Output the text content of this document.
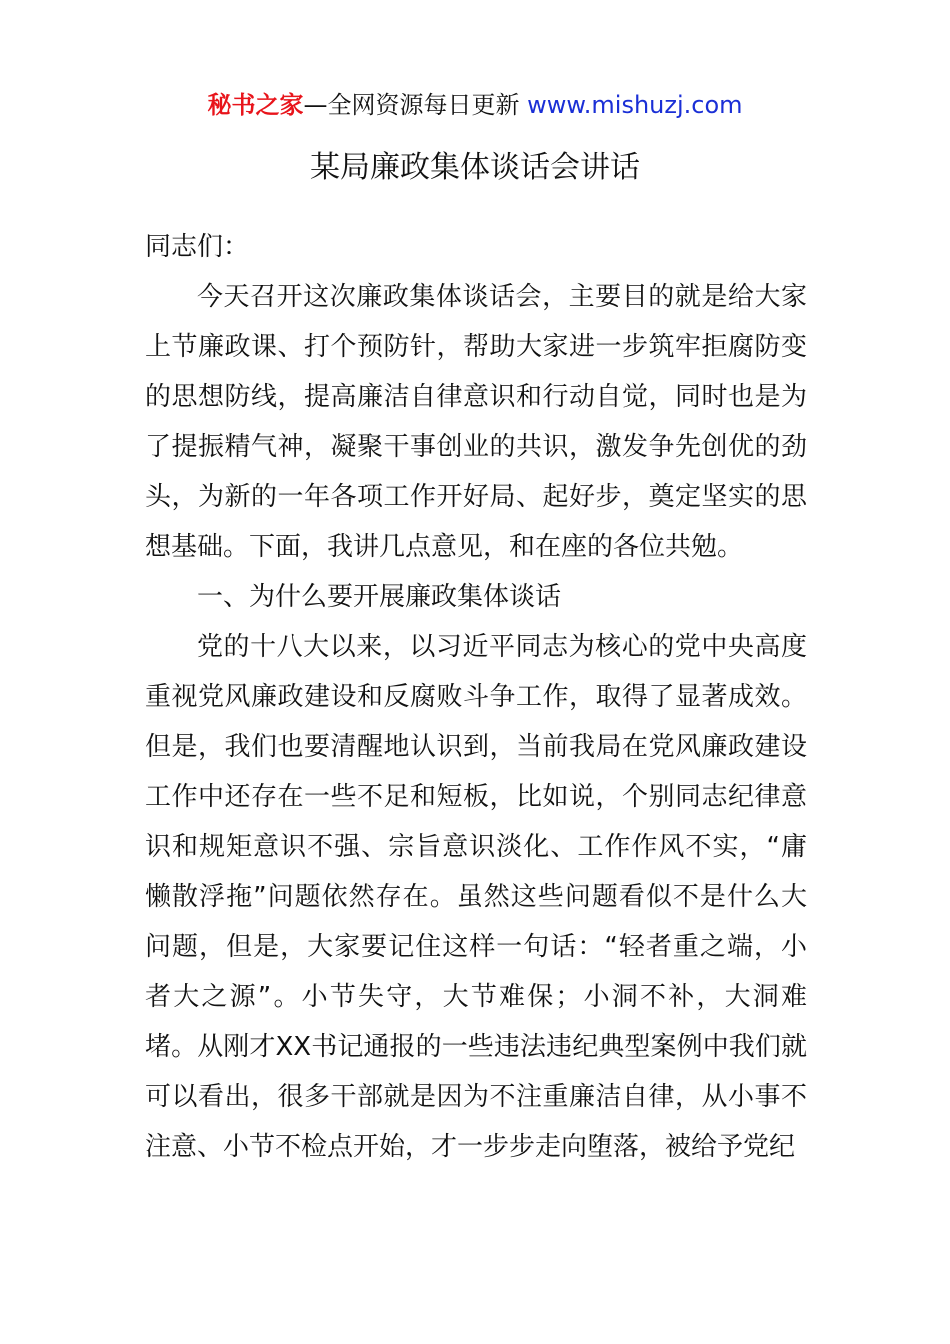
秘书之家—全网资源每日更新 www.mishuzj.com
某局廉政集体谈话会讲话

同志们：

今天召开这次廉政集体谈话会，主要目的就是给大家上节廉政课、打个预防针，帮助大家进一步筑牢拒腐防变的思想防线，提高廉洁自律意识和行动自觉，同时也是为了提振精气神，凝聚干事创业的共识，激发争先创优的劲头，为新的一年各项工作开好局、起好步，奠定坚实的思想基础。下面，我讲几点意见，和在座的各位共勉。

一、为什么要开展廉政集体谈话

党的十八大以来，以习近平同志为核心的党中央高度重视党风廉政建设和反腐败斗争工作，取得了显著成效。但是，我们也要清醒地认识到，当前我局在党风廉政建设工作中还存在一些不足和短板，比如说，个别同志纪律意识和规矩意识不强、宗旨意识淡化、工作作风不实，“庸懒散浮拖”问题依然存在。虽然这些问题看似不是什么大问题，但是，大家要记住这样一句话：“轻者重之端，小者大之源”。小节失守，大节难保；小洞不补，大洞难堵。从刚才XX书记通报的一些违法违纪典型案例中我们就可以看出，很多干部就是因为不注重廉洁自律，从小事不注意、小节不检点开始，才一步步走向堕落，被给予党纪
